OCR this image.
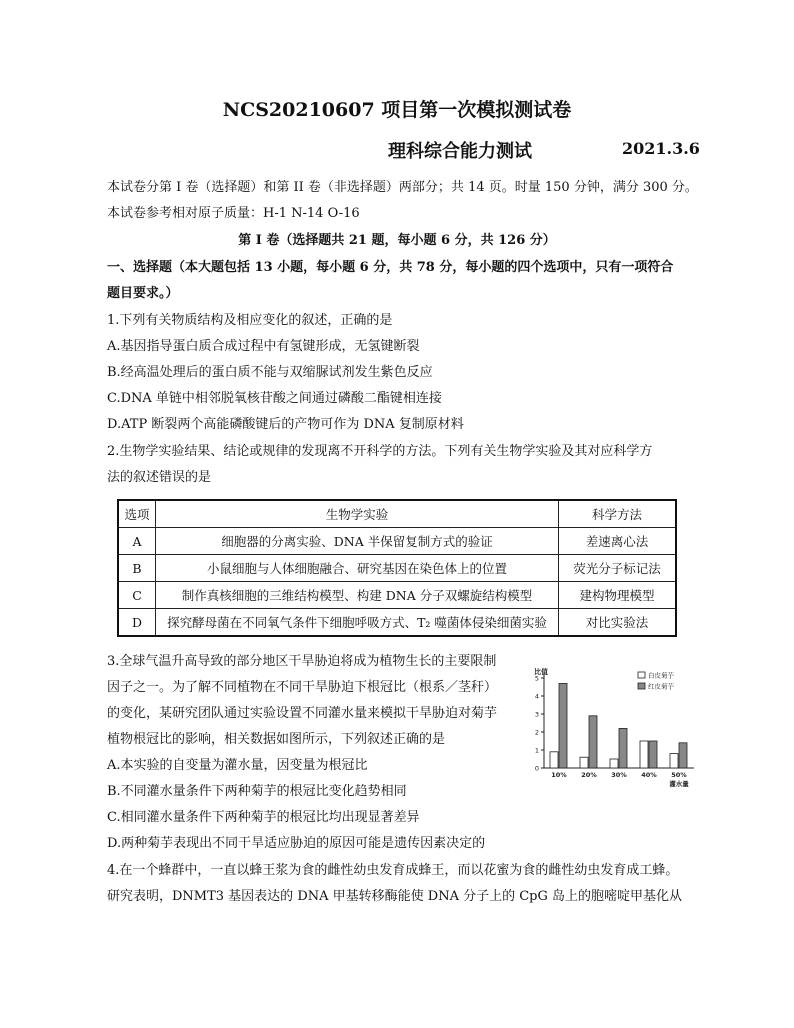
NCS20210607 项目第一次模拟测试卷
理科综合能力测试	2021.3.6
本试卷分第 I 卷（选择题）和第 II 卷（非选择题）两部分；共 14 页。时量 150 分钟，满分 300 分。
本试卷参考相对原子质量：H-1 N-14 O-16
第 I 卷（选择题共 21 题，每小题 6 分，共 126 分）
一、选择题（本大题包括 13 小题，每小题 6 分，共 78 分，每小题的四个选项中，只有一项符合
题目要求。）
1.下列有关物质结构及相应变化的叙述，正确的是
A.基因指导蛋白质合成过程中有氢键形成，无氢键断裂
B.经高温处理后的蛋白质不能与双缩脲试剂发生紫色反应
C.DNA 单链中相邻脱氧核苷酸之间通过磷酸二酯键相连接
D.ATP 断裂两个高能磷酸键后的产物可作为 DNA 复制原材料
2.生物学实验结果、结论或规律的发现离不开科学的方法。下列有关生物学实验及其对应科学方
法的叙述错误的是
选项	生物学实验	科学方法
A	细胞器的分离实验、DNA 半保留复制方式的验证	差速离心法
B	小鼠细胞与人体细胞融合、研究基因在染色体上的位置	荧光分子标记法
C	制作真核细胞的三维结构模型、构建 DNA 分子双螺旋结构模型	建构物理模型
D	探究酵母菌在不同氧气条件下细胞呼吸方式、T₂ 噬菌体侵染细菌实验	对比实验法
3.全球气温升高导致的部分地区干旱胁迫将成为植物生长的主要限制
因子之一。为了解不同植物在不同干旱胁迫下根冠比（根系／茎秆）
的变化，某研究团队通过实验设置不同灌水量来模拟干旱胁迫对菊芋
植物根冠比的影响，相关数据如图所示，下列叙述正确的是
A.本实验的自变量为灌水量，因变量为根冠比
B.不同灌水量条件下两种菊芋的根冠比变化趋势相同
C.相同灌水量条件下两种菊芋的根冠比均出现显著差异
D.两种菊芋表现出不同干旱适应胁迫的原因可能是遗传因素决定的
4.在一个蜂群中，一直以蜂王浆为食的雌性幼虫发育成蜂王，而以花蜜为食的雌性幼虫发育成工蜂。
研究表明，DNMT3 基因表达的 DNA 甲基转移酶能使 DNA 分子上的 CpG 岛上的胞嘧啶甲基化从
0
1
2
3
4
5
比值
10% 20% 30% 40% 50%
灌水量
白皮菊芋
红皮菊芋
